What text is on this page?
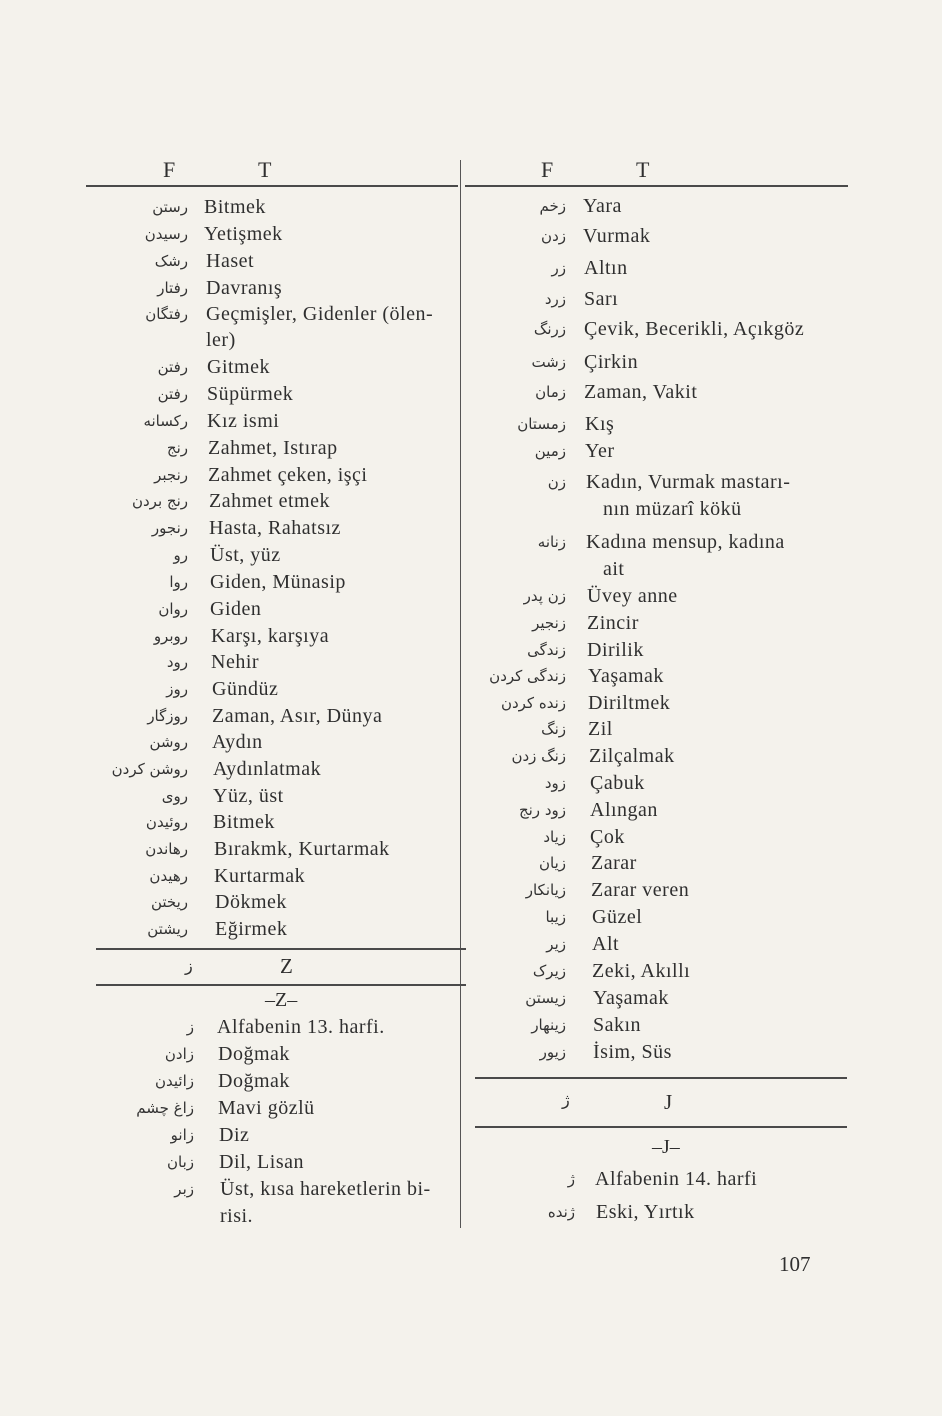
F	T	F	T
رستن Bitmek
رسیدن Yetişmek
رشک Haset
رفتار Davranış
رفتگان Geçmişler, Gidenler (ölen-
ler)
رفتن Gitmek
رفتن Süpürmek
رکسانه Kız ismi
رنج Zahmet, Istırap
رنجبر Zahmet çeken, işçi
رنج بردن Zahmet etmek
رنجور Hasta, Rahatsız
رو Üst, yüz
روا Giden, Münasip
روان Giden
روبرو Karşı, karşıya
رود Nehir
روز Gündüz
روزگار Zaman, Asır, Dünya
روشن Aydın
روشن کردن Aydınlatmak
روی Yüz, üst
روئیدن Bitmek
رهاندن Bırakmk, Kurtarmak
رهیدن Kurtarmak
ریختن Dökmek
ریشتن Eğirmek
ز	Z
–Z–
ز Alfabenin 13. harfi.
زادن Doğmak
زائیدن Doğmak
زاغ چشم Mavi gözlü
زانو Diz
زبان Dil, Lisan
زبر Üst, kısa hareketlerin bi-
risi.
زخم Yara
زدن Vurmak
زر Altın
زرد Sarı
زرنگ Çevik, Becerikli, Açıkgöz
زشت Çirkin
زمان Zaman, Vakit
زمستان Kış
زمین Yer
زن Kadın, Vurmak mastarı-
nın müzarî kökü
زنانه Kadına mensup, kadına
ait
زن پدر Üvey anne
زنجیر Zincir
زندگی Dirilik
زندگی کردن Yaşamak
زنده کردن Diriltmek
زنگ Zil
زنگ زدن Zilçalmak
زود Çabuk
زود رنج Alıngan
زیاد Çok
زیان Zarar
زیانکار Zarar veren
زیبا Güzel
زیر Alt
زیرک Zeki, Akıllı
زیستن Yaşamak
زینهار Sakın
زیور İsim, Süs
ژ	J
–J–
ژ Alfabenin 14. harfi
ژنده Eski, Yırtık
107
